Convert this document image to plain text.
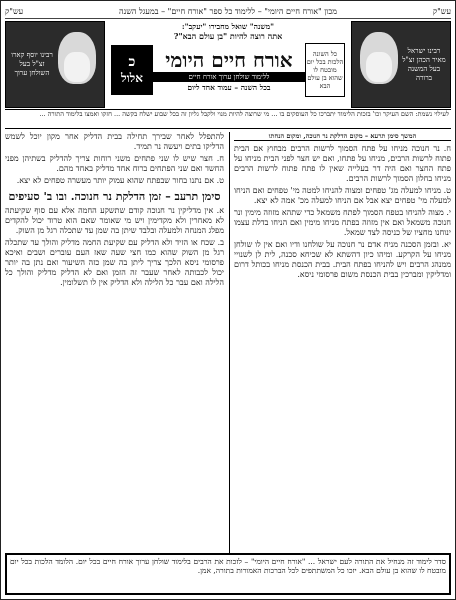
עש"ק
מכון "אורח חיים היומי" – ללימוד כל ספר "אורח חיים" – במעגל השנה
עש"ק
רבינו ישראל מאיר הכהן זצ"ל בעל המשנה ברורה
"משנה" שואל מחבירו "יעקב":
אתה רוצה להיות "בן עולם הבא"?
כל השונה הלכות בכל יום מובטח לו שהוא בן עולם הבא
אורח חיים היומי
ללימוד שולחן ערוך אורח חיים
בכל השנה – עמוד אחד ליום
כ
אלול
רבינו יוסף קארו זצ"ל בעל השולחן ערוך
לעילוי נשמת: השם העיקר וכו' בזכות הלימוד יתברכו כל העוסקים בו ... מי שרוצה להיות מנוי ולקבל גליון זה בכל שבוע ישלח בקשה ... חזקו ואמצו בלימוד התורה ...
המשך סימן תרעא – מקום הדלקת נר חנוכה, ומקום הנחתו

ח. נר חנוכה מניחו על פתח הסמוך לרשות הרבים מבחוץ אם הבית פתוח לרשות הרבים, מניחו על פתחו, ואם יש חצר לפני הבית מניחו על פתח החצר ואם היה דר בעלייה שאין לו פתח פתוח לרשות הרבים מניחו בחלון הסמוך לרשות הרבים.

ט. מניחו למעלה מג' טפחים ומצוה להניחו למטה מי' טפחים ואם הניחו למעלה מי' טפחים יצא אבל אם הניחו למעלה מכ' אמה לא יצא.

י. מצוה להניחו בטפח הסמוך לפתח משמאל כדי שתהא מזוזה מימין ונר חנוכה משמאל ואם אין מזוזה בפתח מניחו מימין ואם הניחו בדלת עצמו ינוחנו מחציו של כניסה לצד שמאל.

יא. ובזמן הסכנה מניח אדם נר חנוכה על שולחנו ודיו ואם אין לו שולחן מניחו על הקרקע. ומיהו כיון דהשתא לא שכיחא סכנה, לית לן לשנויי ממנהג הרבים ויש להניחו בפתח הבית. בבית הכנסת מניחו בכותל דרום ומדליקין ומברכין בבית הכנסת משום פרסומי ניסא.

להתפלל לאחר שבירך תחילה בבית הדליק אחר מקון יוכל לשמש הדליקו בתים ויעשה נר תמיד.

ח. חצר שיש לו שני פתחים משני רוחות צריך להדליק בשתיהן מפני החשד ואם שני הפתחים ברוח אחד מדליק באחד מהם.

ט. אם נתנו בחור שבפתח שהוא עמוק יותר מעשרה טפחים לא יצא.

סימן תרעב – זמן הדלקת נר חנוכה. ובו ב' סעיפים

א. אין מדליקין נר חנוכה קודם שתשקע החמה אלא עם סוף שקיעתה לא מאחרין ולא מקדימין ויש מי שאומר שאם הוא טרוד יכול להקדים מפלג המנחה ולמעלה ובלבד שיתן בה שמן עד שתכלה רגל מן השוק.

ב. שכח או הזיד ולא הדליק עם שקיעת החמה מדליק והולך עד שתכלה רגל מן השוק שהוא כמו חצי שעה שאז העם עוברים ושבים ואיכא פרסומי ניסא הלכך צריך ליתן בה שמן כזה השיעור ואם נתן בה יותר יכול לכבותה לאחר שעבר זה הזמן ואם לא הדליק מדליק והולך כל הלילה ואם עבר כל הלילה ולא הדליק אין לו תשלומין.

סדר לימוד זה מנחיל את התורה לעם ישראל ... "אורח חיים היומי" – לזכות את הרבים בלימוד שולחן ערוך אורח חיים בכל יום. הלומד הלכות בכל יום מובטח לו שהוא בן עולם הבא. יזכו כל המשתתפים לכל הברכות האמורות בתורה, אמן.
